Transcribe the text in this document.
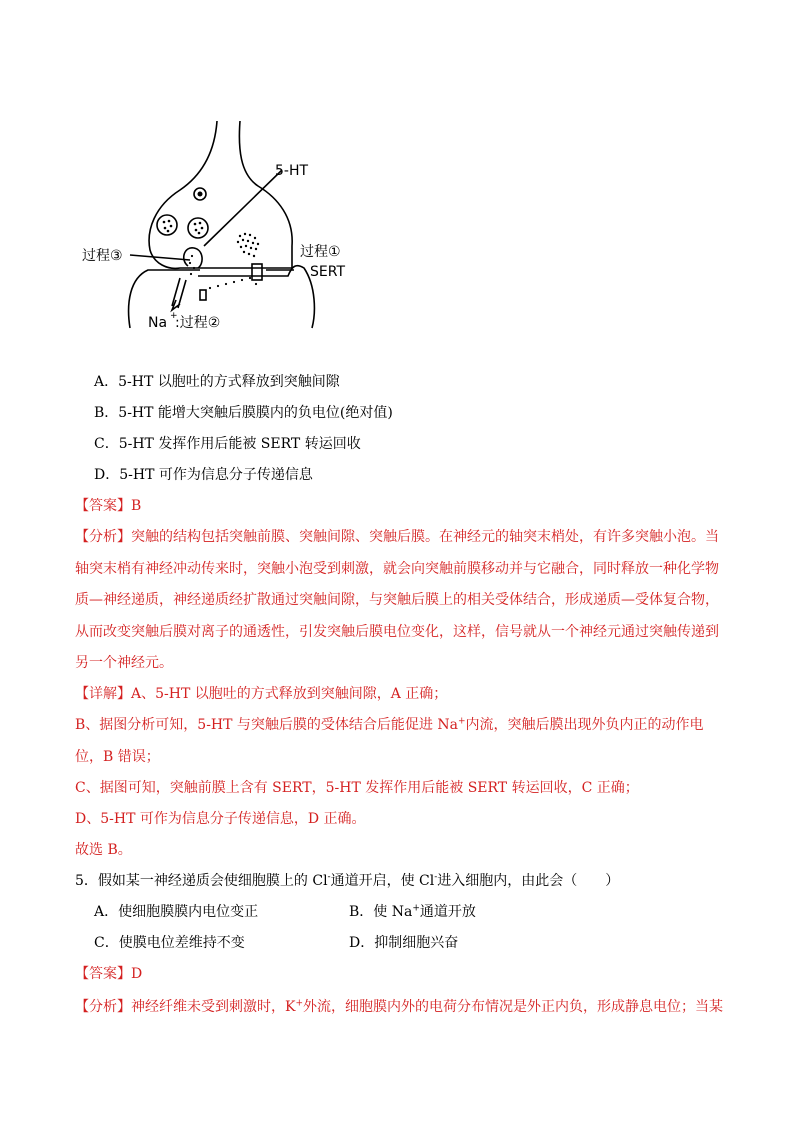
5-HT
过程①
过程③
SERT
Na +
:过程②
A．5-HT 以胞吐的方式释放到突触间隙
B．5-HT 能增大突触后膜膜内的负电位(绝对值)
C．5-HT 发挥作用后能被 SERT 转运回收
D．5-HT 可作为信息分子传递信息
【答案】B
【分析】突触的结构包括突触前膜、突触间隙、突触后膜。在神经元的轴突末梢处，有许多突触小泡。当轴突末梢有神经冲动传来时，突触小泡受到刺激，就会向突触前膜移动并与它融合，同时释放一种化学物质—神经递质，神经递质经扩散通过突触间隙，与突触后膜上的相关受体结合，形成递质—受体复合物，从而改变突触后膜对离子的通透性，引发突触后膜电位变化，这样，信号就从一个神经元通过突触传递到另一个神经元。
【详解】A、5-HT 以胞吐的方式释放到突触间隙，A 正确；
B、据图分析可知，5-HT 与突触后膜的受体结合后能促进 Na+内流，突触后膜出现外负内正的动作电位，B 错误；
C、据图可知，突触前膜上含有 SERT，5-HT 发挥作用后能被 SERT 转运回收，C 正确；
D、5-HT 可作为信息分子传递信息，D 正确。
故选 B。
5．假如某一神经递质会使细胞膜上的 Cl-通道开启，使 Cl-进入细胞内，由此会（　　）
A．使细胞膜膜内电位变正	B．使 Na+通道开放
C．使膜电位差维持不变	D．抑制细胞兴奋
【答案】D
【分析】神经纤维未受到刺激时，K+外流，细胞膜内外的电荷分布情况是外正内负，形成静息电位；当某
